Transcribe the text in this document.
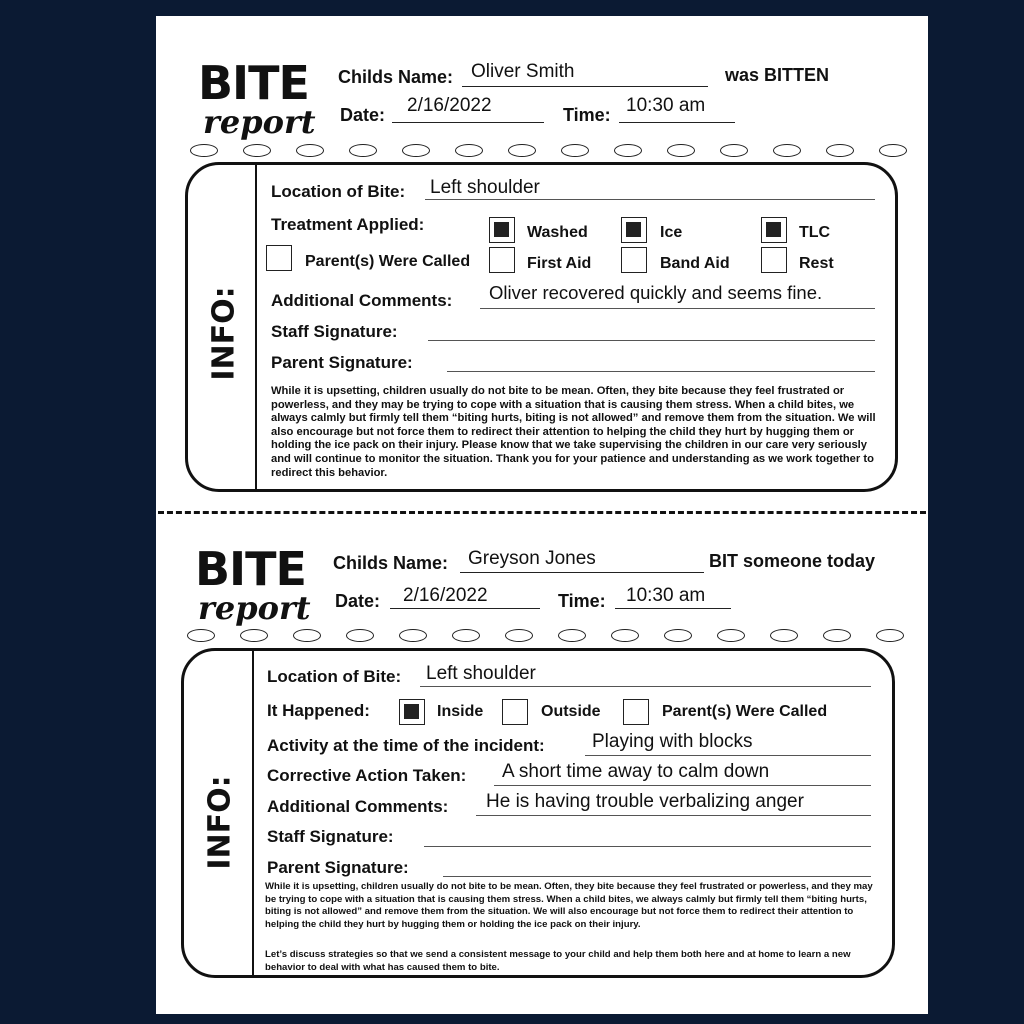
BITE
report
Childs Name: Oliver Smith	was BITTEN
Date: 2/16/2022	Time: 10:30 am
INFO:
Location of Bite: Left shoulder
Treatment Applied:	Washed	Ice	TLC
Parent(s) Were Called	First Aid	Band Aid	Rest
Additional Comments: Oliver recovered quickly and seems fine.
Staff Signature:
Parent Signature:
While it is upsetting, children usually do not bite to be mean. Often, they bite because they feel frustrated or powerless, and they may be trying to cope with a situation that is causing them stress. When a child bites, we always calmly but firmly tell them “biting hurts, biting is not allowed” and remove them from the situation. We will also encourage but not force them to redirect their attention to helping the child they hurt by hugging them or holding the ice pack on their injury. Please know that we take supervising the children in our care very seriously and will continue to monitor the situation. Thank you for your patience and understanding as we work together to redirect this behavior.
BITE
report
Childs Name: Greyson Jones	BIT someone today
Date: 2/16/2022	Time: 10:30 am
INFO:
Location of Bite: Left shoulder
It Happened:	Inside	Outside	Parent(s) Were Called
Activity at the time of the incident: Playing with blocks
Corrective Action Taken: A short time away to calm down
Additional Comments: He is having trouble verbalizing anger
Staff Signature:
Parent Signature:
While it is upsetting, children usually do not bite to be mean. Often, they bite because they feel frustrated or powerless, and they may be trying to cope with a situation that is causing them stress. When a child bites, we always calmly but firmly tell them “biting hurts, biting is not allowed” and remove them from the situation. We will also encourage but not force them to redirect their attention to helping the child they hurt by hugging them or holding the ice pack on their injury.
Let’s discuss strategies so that we send a consistent message to your child and help them both here and at home to learn a new behavior to deal with what has caused them to bite.
